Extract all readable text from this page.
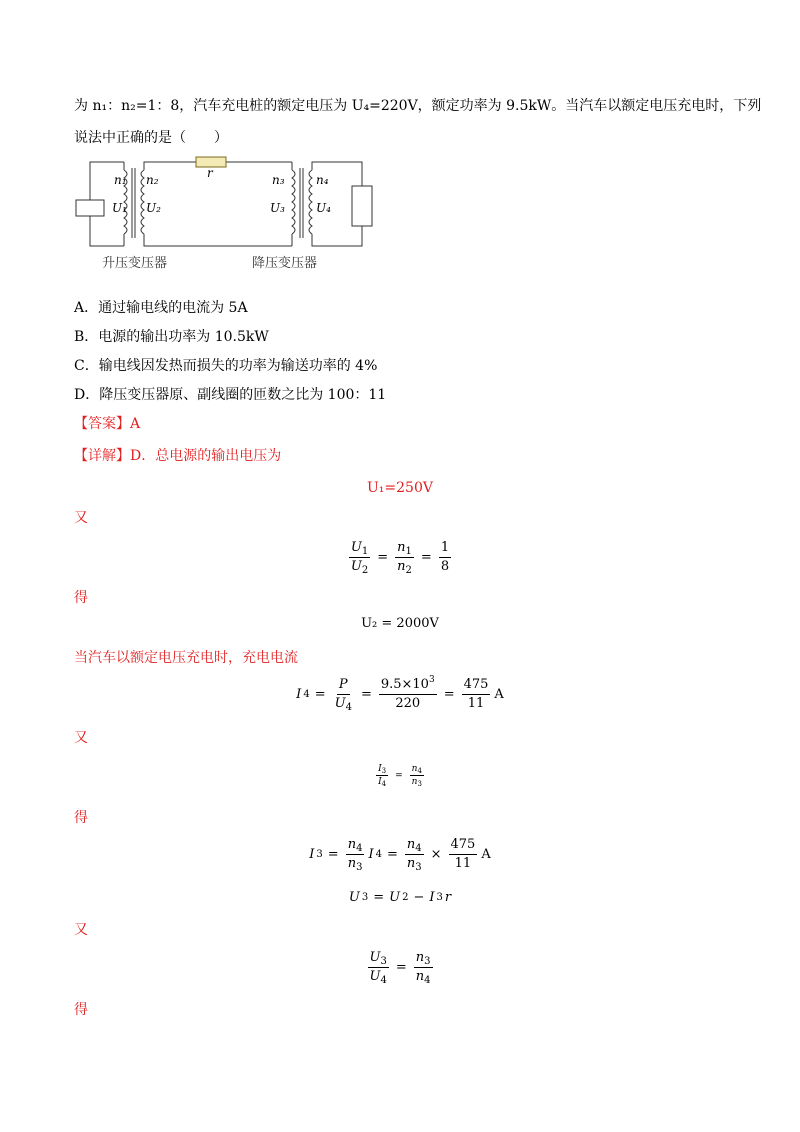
为 n₁：n₂=1：8，汽车充电桩的额定电压为 U₄=220V，额定功率为 9.5kW。当汽车以额定电压充电时，下列
说法中正确的是（　　）
r
n₁ n₂
U₁ U₂
n₃	n₄
U₃	U₄
升压变压器	降压变压器
A．通过输电线的电流为 5A
B．电源的输出功率为 10.5kW
C．输电线因发热而损失的功率为输送功率的 4%
D．降压变压器原、副线圈的匝数之比为 100：11
【答案】A
【详解】D．总电源的输出电压为
U₁=250V
又
$\frac{U_1}{U_2} = \frac{n_1}{n_2} = \frac{1}{8}$
得
U₂ = 2000V
当汽车以额定电压充电时，充电电流
I $4 = \frac{P}{U_4} = \frac{9.5\times 10^3}{220} = \frac{475}{11}$ A
又
$\frac{I_3}{I_4} = \frac{n_4}{n_3}$
得
I $3 = \frac{n_4}{n_3}$ I $4 = \frac{n_4}{n_3} \times \frac{475}{11}$ A
U 3 = U 2 − I 3 r
又
$\frac{U_3}{U_4} = \frac{n_3}{n_4}$
得
